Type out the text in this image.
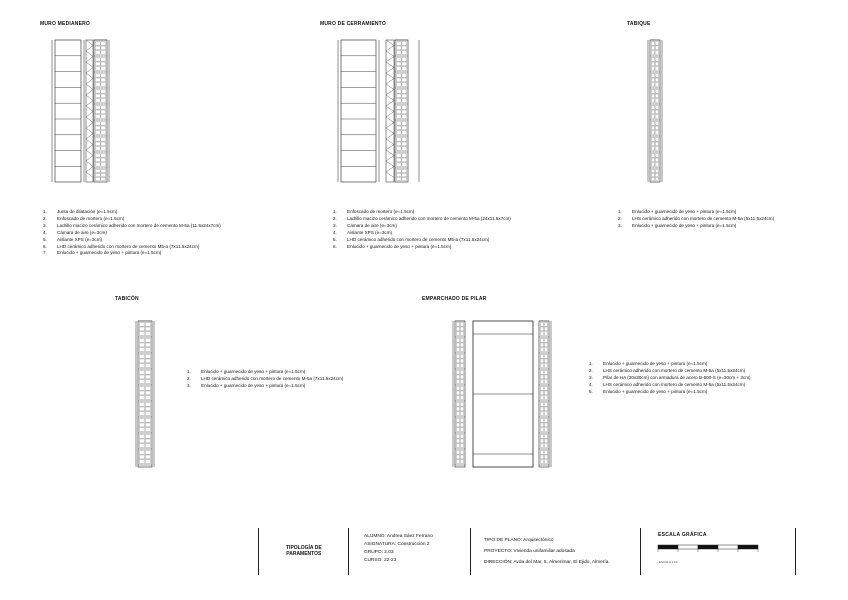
MURO MEDIANERO	MURO DE CERRAMIENTO	TABIQUE
TABICÓN	EMPARCHADO DE PILAR
1.	Junta de dilatación (e=1.5cm)
2.	Enfoscado de mortero (e=1.5cm)
3.	Ladrillo macizo cerámico adherido con mortero de cemento M-5a (11.5x24x7cm)
4.	Cámara de aire (e=3cm)
5.	Aislante XPS (e=3cm)
6.	LHD cerámico adherido con mortero de cemento M5-a (7x11.5x24cm)
7.	Enlucido + guarnecido de yeso + pintura (e=1.5cm)
1.	Enfoscado de mortero (e=1.5cm)
2.	Ladrillo macizo cerámico adherido con mortero de cemento M-5a (24x11.5x7cm)
3.	Cámara de aire (e=3cm)
4.	Aislante XPS (e=3cm)
5.	LHD cerámico adherido con mortero de cemento M5-a (7x11.5x24cm)
6.	Enlucido + guarnecido de yeso + pintura (e=1.5cm)
1.	Enlucido + guarnecido de yeso + pintura (e=1.5cm)
2.	LHS cerámico adherido con mortero de cemento M-5a (5x11.5x24cm)
3.	Enlucido + guarnecido de yeso + pintura (e=1.5cm)
1.	Enlucido + guarnecido de yeso + pintura (e=1.5cm)
2.	LHD cerámico adherido con mortero de cemento M-5a (7x11.5x24cm)
3.	Enlucido + guarnecido de yeso + pintura (e=1.5cm)
1.	Enlucido + guarnecido de yeso + pintura (e=1.5cm)
2.	LHS cerámico adherido con mortero de cemento M-5a (5x11.5x24cm)
3.	Pilar de HA (30x30cm) con armadura de acero B-500-S (e=30cm + 3cm)
4.	LHS cerámico adherido con mortero de cemento M-5a (5x11.5x24cm)
5.	Enlucido + guarnecido de yeso + pintura (e=1.5cm)
TIPOLOGÍA DE
PARAMENTOS
ALUMNO: Andrea Sáez Ferrano
ASIGNATURA: Construcción 2
GRUPO: 2.03
CURSO: 22-23
TIPO DE PLANO: Arquitectónico
PROYECTO: Vivienda unifamiliar adosada
DIRECCIÓN: Avda del Mar, 5, Almerimar, El Ejido, Almería.
ESCALA GRÁFICA
ESCALA 1:10
